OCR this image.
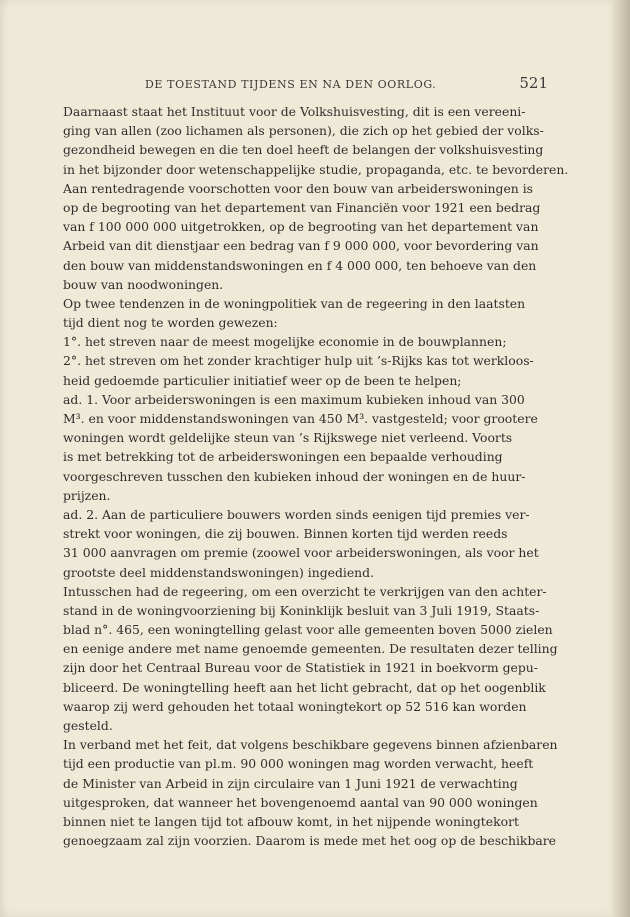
DE TOESTAND TIJDENS EN NA DEN OORLOG.	521
Daarnaast staat het Instituut voor de Volkshuisvesting, dit is een vereeni-
ging van allen (zoo lichamen als personen), die zich op het gebied der volks-
gezondheid bewegen en die ten doel heeft de belangen der volkshuisvesting
in het bijzonder door wetenschappelijke studie, propaganda, etc. te bevorderen.
Aan rentedragende voorschotten voor den bouw van arbeiderswoningen is
op de begrooting van het departement van Financiën voor 1921 een bedrag
van f 100 000 000 uitgetrokken, op de begrooting van het departement van
Arbeid van dit dienstjaar een bedrag van f 9 000 000, voor bevordering van
den bouw van middenstandswoningen en f 4 000 000, ten behoeve van den
bouw van noodwoningen.
Op twee tendenzen in de woningpolitiek van de regeering in den laatsten
tijd dient nog te worden gewezen:
1°. het streven naar de meest mogelijke economie in de bouwplannen;
2°. het streven om het zonder krachtiger hulp uit ’s-Rijks kas tot werkloos-
heid gedoemde particulier initiatief weer op de been te helpen;
ad. 1. Voor arbeiderswoningen is een maximum kubieken inhoud van 300
M³. en voor middenstandswoningen van 450 M³. vastgesteld; voor grootere
woningen wordt geldelijke steun van ’s Rijkswege niet verleend. Voorts
is met betrekking tot de arbeiderswoningen een bepaalde verhouding
voorgeschreven tusschen den kubieken inhoud der woningen en de huur-
prijzen.
ad. 2. Aan de particuliere bouwers worden sinds eenigen tijd premies ver-
strekt voor woningen, die zij bouwen. Binnen korten tijd werden reeds
31 000 aanvragen om premie (zoowel voor arbeiderswoningen, als voor het
grootste deel middenstandswoningen) ingediend.
Intusschen had de regeering, om een overzicht te verkrijgen van den achter-
stand in de woningvoorziening bij Koninklijk besluit van 3 Juli 1919, Staats-
blad n°. 465, een woningtelling gelast voor alle gemeenten boven 5000 zielen
en eenige andere met name genoemde gemeenten. De resultaten dezer telling
zijn door het Centraal Bureau voor de Statistiek in 1921 in boekvorm gepu-
bliceerd. De woningtelling heeft aan het licht gebracht, dat op het oogenblik
waarop zij werd gehouden het totaal woningtekort op 52 516 kan worden
gesteld.
In verband met het feit, dat volgens beschikbare gegevens binnen afzienbaren
tijd een productie van pl.m. 90 000 woningen mag worden verwacht, heeft
de Minister van Arbeid in zijn circulaire van 1 Juni 1921 de verwachting
uitgesproken, dat wanneer het bovengenoemd aantal van 90 000 woningen
binnen niet te langen tijd tot afbouw komt, in het nijpende woningtekort
genoegzaam zal zijn voorzien. Daarom is mede met het oog op de beschikbare
